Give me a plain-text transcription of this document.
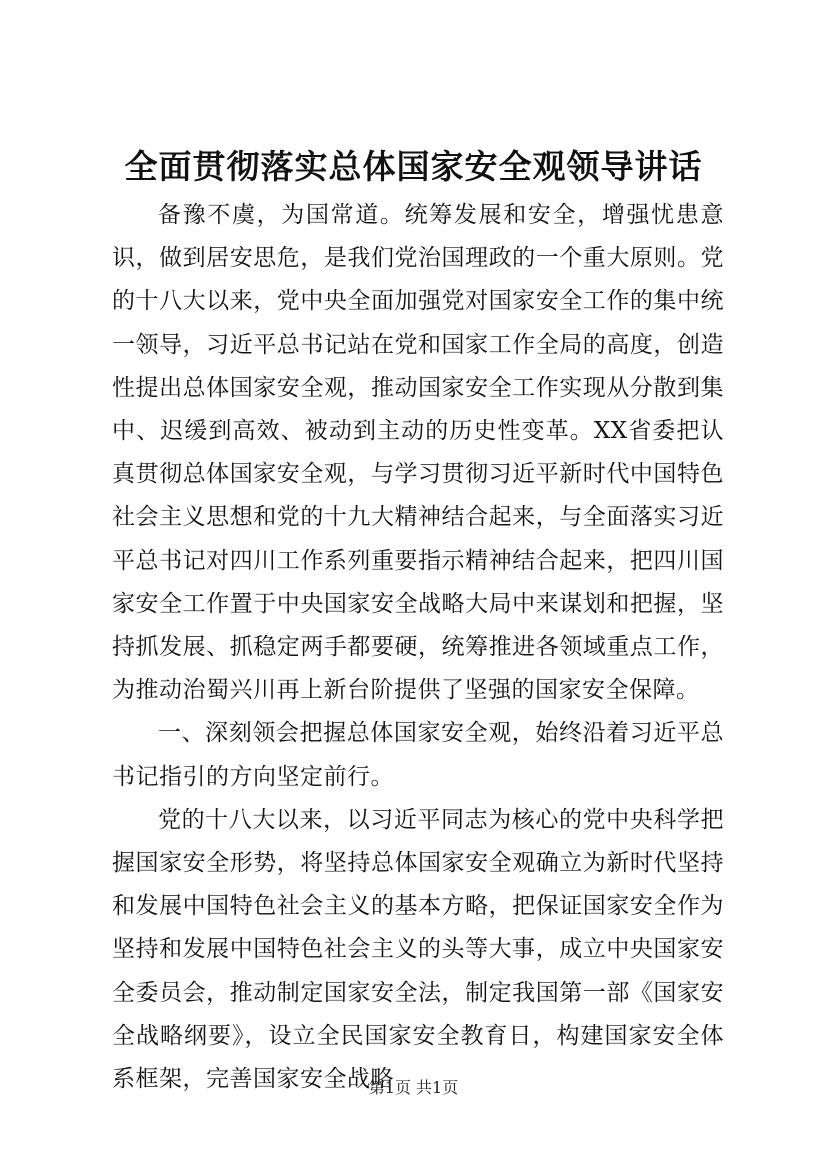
全面贯彻落实总体国家安全观领导讲话

备豫不虞，为国常道。统筹发展和安全，增强忧患意识，做到居安思危，是我们党治国理政的一个重大原则。党的十八大以来，党中央全面加强党对国家安全工作的集中统一领导，习近平总书记站在党和国家工作全局的高度，创造性提出总体国家安全观，推动国家安全工作实现从分散到集中、迟缓到高效、被动到主动的历史性变革。XX省委把认真贯彻总体国家安全观，与学习贯彻习近平新时代中国特色社会主义思想和党的十九大精神结合起来，与全面落实习近平总书记对四川工作系列重要指示精神结合起来，把四川国家安全工作置于中央国家安全战略大局中来谋划和把握，坚持抓发展、抓稳定两手都要硬，统筹推进各领域重点工作，为推动治蜀兴川再上新台阶提供了坚强的国家安全保障。

一、深刻领会把握总体国家安全观，始终沿着习近平总书记指引的方向坚定前行。

党的十八大以来，以习近平同志为核心的党中央科学把握国家安全形势，将坚持总体国家安全观确立为新时代坚持和发展中国特色社会主义的基本方略，把保证国家安全作为坚持和发展中国特色社会主义的头等大事，成立中央国家安全委员会，推动制定国家安全法，制定我国第一部《国家安全战略纲要》，设立全民国家安全教育日，构建国家安全体系框架，完善国家安全战略

第1页 共1页
